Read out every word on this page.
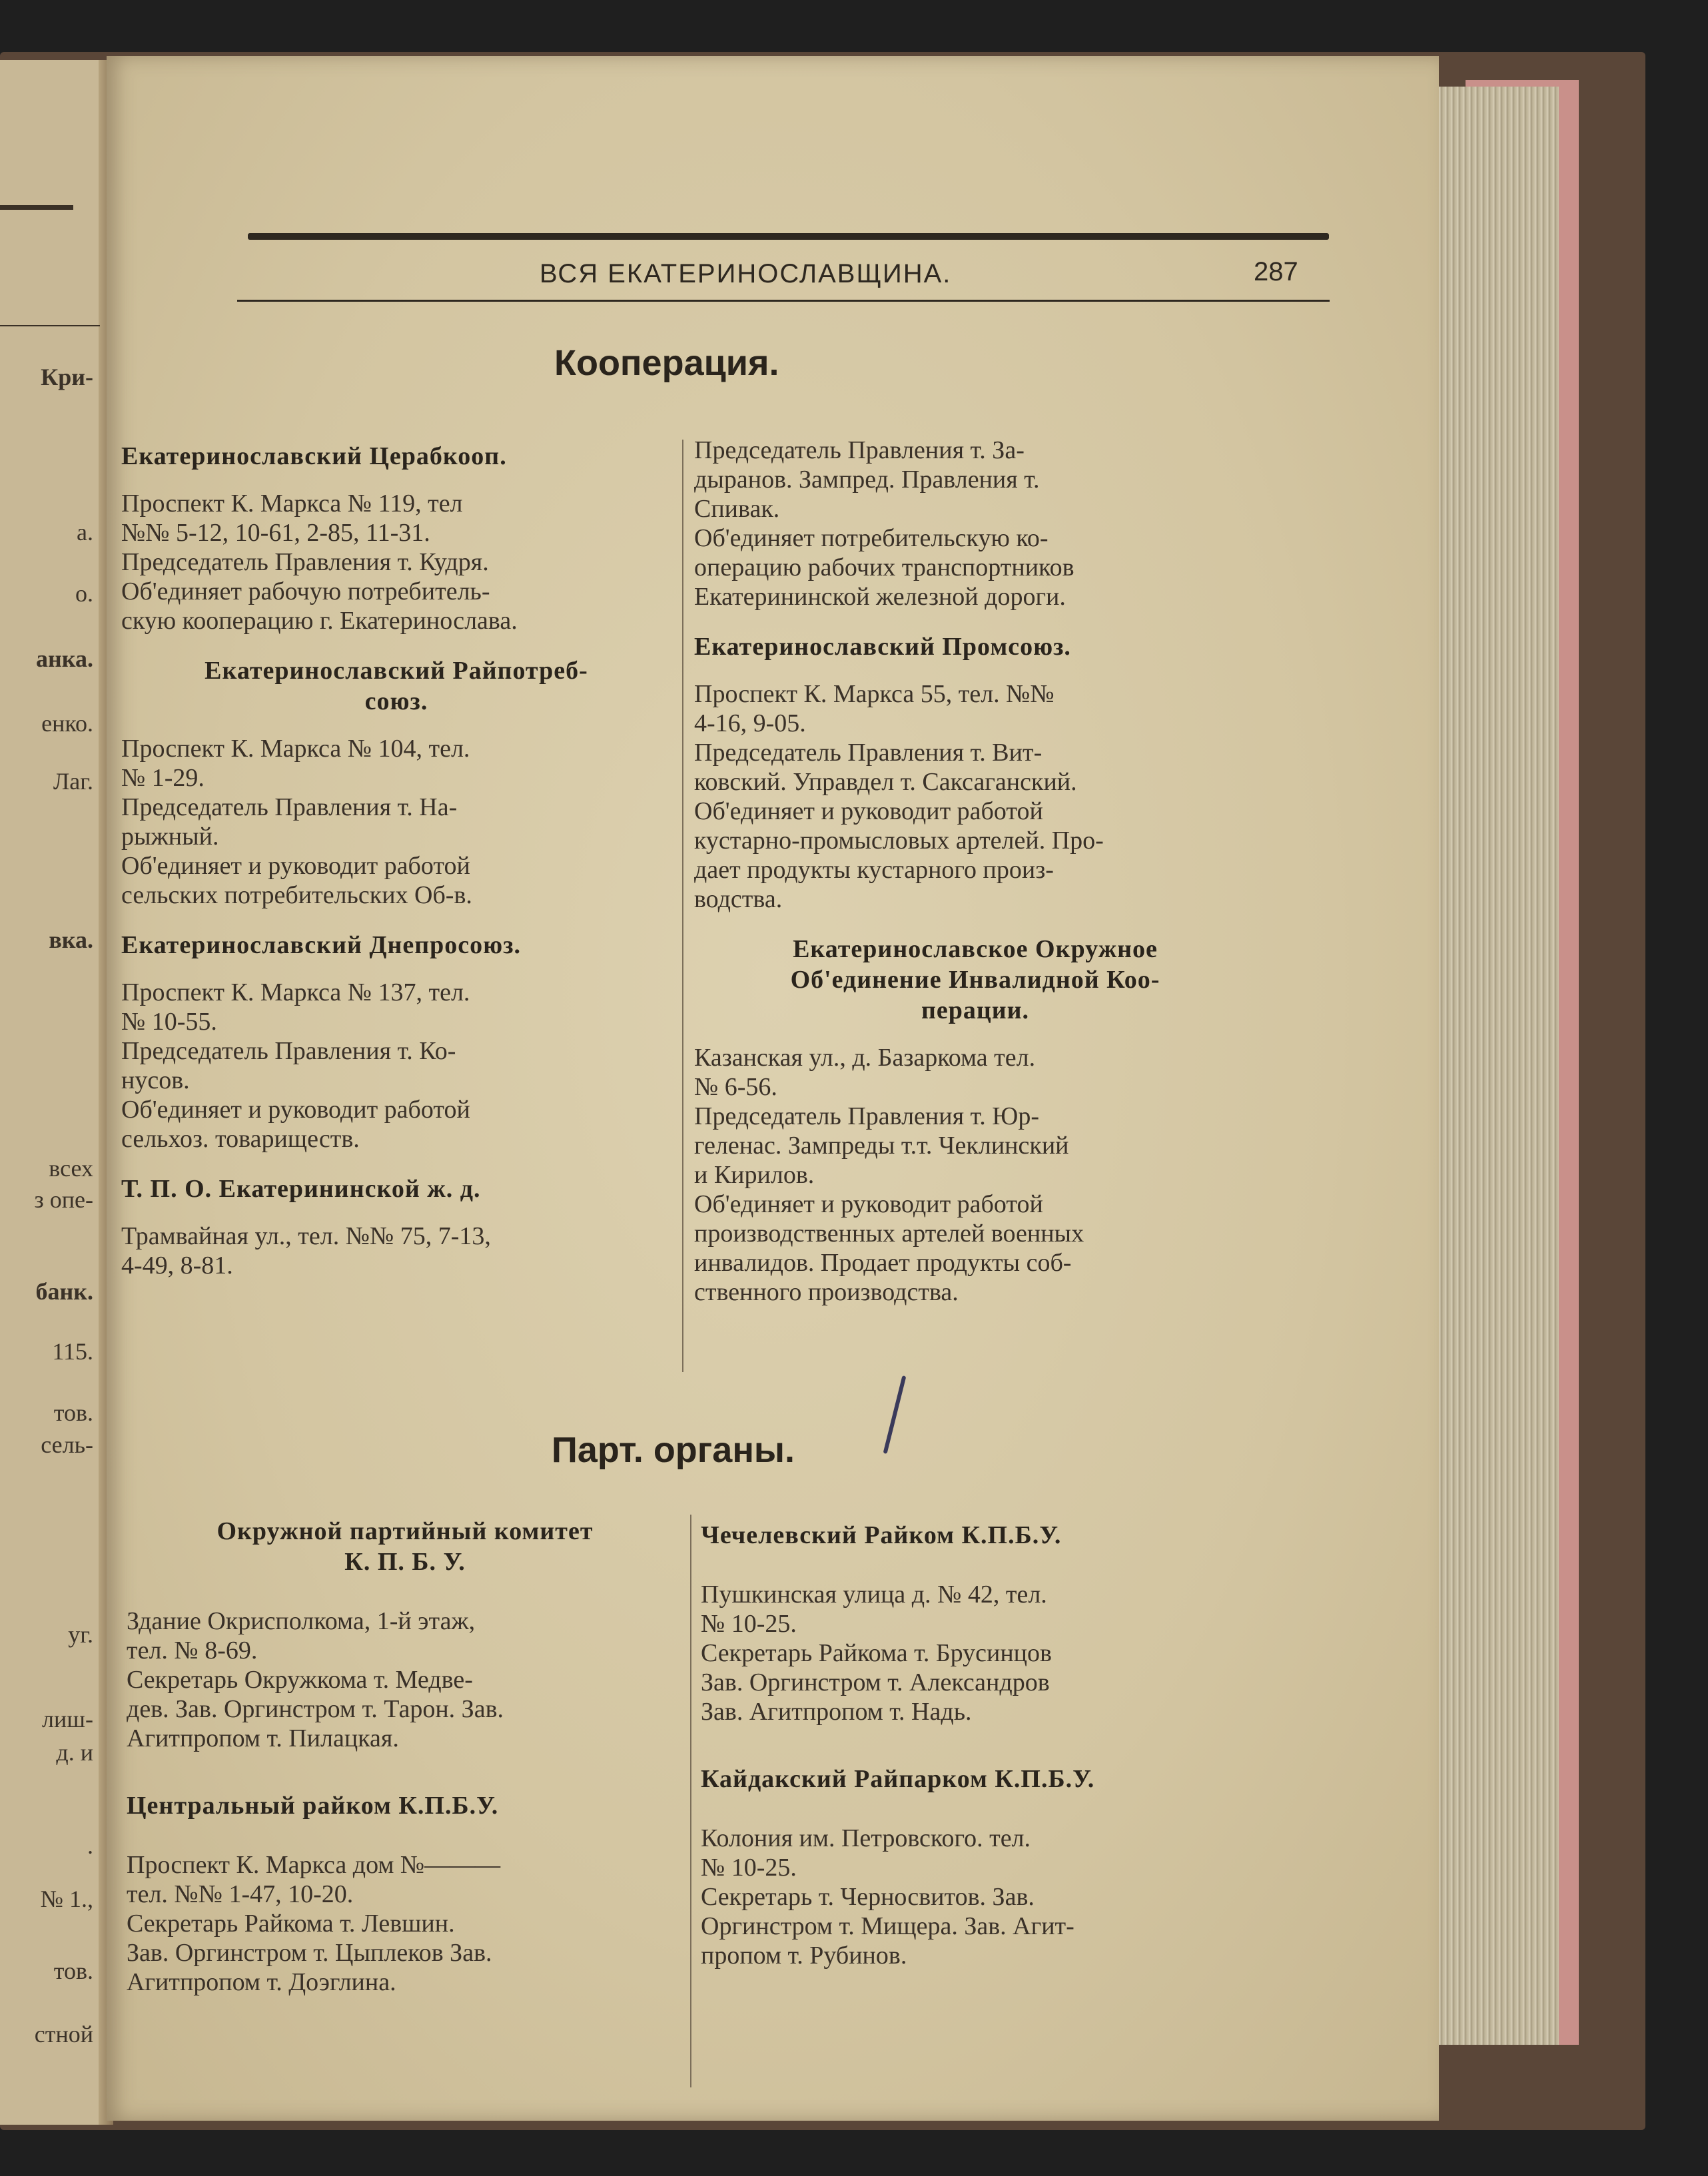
Кри-
а.
о.
анка.
енко.
Лаг.
вка.
всех
з опе-
банк.
115.
тов.
сель-
уг.
лиш-
д. и
.
№ 1.,
тов.
стной
ВСЯ ЕКАТЕРИНОСЛАВЩИНА.	287
Кооперация.
Екатеринославский Церабкооп.
Проспект К. Маркса № 119, тел
№№ 5-12, 10-61, 2-85, 11-31.
Председатель Правления т. Кудря.
Об'единяет рабочую потребитель-
скую кооперацию г. Екатеринослава.
Екатеринославский Райпотреб-
союз.
Проспект К. Маркса № 104, тел.
№ 1-29.
Председатель Правления т. На-
рыжный.
Об'единяет и руководит работой
сельских потребительских Об-в.
Екатеринославский Днепросоюз.
Проспект К. Маркса № 137, тел.
№ 10-55.
Председатель Правления т. Ко-
нусов.
Об'единяет и руководит работой
сельхоз. товариществ.
Т. П. О. Екатерининской ж. д.
Трамвайная ул., тел. №№ 75, 7-13,
4-49, 8-81.
Председатель Правления т. За-
дыранов. Зампред. Правления т.
Спивак.
Об'единяет потребительскую ко-
операцию рабочих транспортников
Екатерининской железной дороги.
Екатеринославский Промсоюз.
Проспект К. Маркса 55, тел. №№
4-16, 9-05.
Председатель Правления т. Вит-
ковский. Управдел т. Саксаганский.
Об'единяет и руководит работой
кустарно-промысловых артелей. Про-
дает продукты кустарного произ-
водства.
Екатеринославское Окружное
Об'единение Инвалидной Коо-
перации.
Казанская ул., д. Базаркома тел.
№ 6-56.
Председатель Правления т. Юр-
геленас. Зампреды т.т. Чеклинский
и Кирилов.
Об'единяет и руководит работой
производственных артелей военных
инвалидов. Продает продукты соб-
ственного производства.
Парт. органы.
Окружной партийный комитет
К. П. Б. У.
Здание Окрисполкома, 1-й этаж,
тел. № 8-69.
Секретарь Окружкома т. Медве-
дев. Зав. Оргинстром т. Тарон. Зав.
Агитпропом т. Пилацкая.
Центральный райком К.П.Б.У.
Проспект К. Маркса дом №———
тел. №№ 1-47, 10-20.
Секретарь Райкома т. Левшин.
Зав. Оргинстром т. Цыплеков Зав.
Агитпропом т. Доэглина.
Чечелевский Райком К.П.Б.У.
Пушкинская улица д. № 42, тел.
№ 10-25.
Секретарь Райкома т. Брусинцов
Зав. Оргинстром т. Александров
Зав. Агитпропом т. Надь.
Кайдакский Райпарком К.П.Б.У.
Колония им. Петровского. тел.
№ 10-25.
Секретарь т. Черносвитов. Зав.
Оргинстром т. Мищера. Зав. Агит-
пропом т. Рубинов.
